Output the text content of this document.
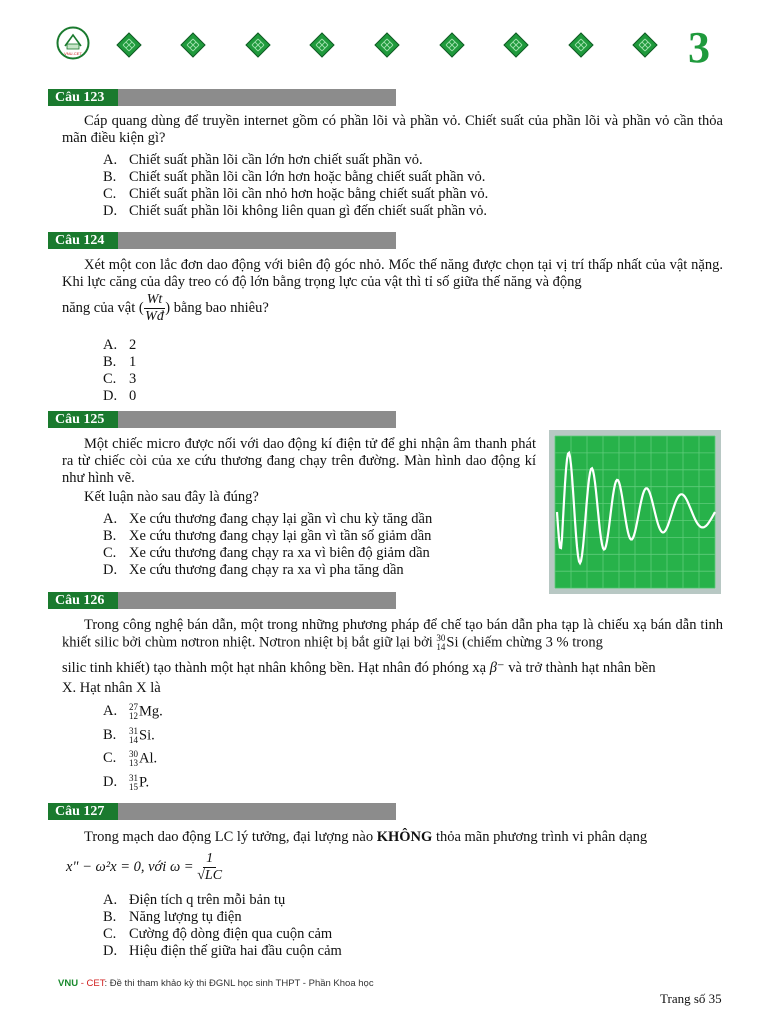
VNU-CET	3
Câu 123
Cáp quang dùng để truyền internet gồm có phần lõi và phần vỏ. Chiết suất của phần lõi và phần vỏ cần thỏa mãn điều kiện gì?
A. Chiết suất phần lõi cần lớn hơn chiết suất phần vỏ.
B. Chiết suất phần lõi cần lớn hơn hoặc bằng chiết suất phần vỏ.
C. Chiết suất phần lõi cần nhỏ hơn hoặc bằng chiết suất phần vỏ.
D. Chiết suất phần lõi không liên quan gì đến chiết suất phần vỏ.
Câu 124
Xét một con lắc đơn dao động với biên độ góc nhỏ. Mốc thế năng được chọn tại vị trí thấp nhất của vật nặng. Khi lực căng của dây treo có độ lớn bằng trọng lực của vật thì tỉ số giữa thế năng và động
năng của vật ( $\frac{Wt}{Wđ}$ ) bằng bao nhiêu?
A. 2
B. 1
C. 3
D. 0
Câu 125
Một chiếc micro được nối với dao động kí điện tử để ghi nhận âm thanh phát ra từ chiếc còi của xe cứu thương đang chạy trên đường. Màn hình dao động kí như hình vẽ.
Kết luận nào sau đây là đúng?
A. Xe cứu thương đang chạy lại gần vì chu kỳ tăng dần
B. Xe cứu thương đang chạy lại gần vì tần số giảm dần
C. Xe cứu thương đang chạy ra xa vì biên độ giảm dần
D. Xe cứu thương đang chạy ra xa vì pha tăng dần
Câu 126
Trong công nghệ bán dẫn, một trong những phương pháp để chế tạo bán dẫn pha tạp là chiếu xạ bán dẫn tinh khiết silic bởi chùm nơtron nhiệt. Nơtron nhiệt bị bắt giữ lại bởi 30
14 Si (chiếm chừng 3 % trong
silic tinh khiết) tạo thành một hạt nhân không bền. Hạt nhân đó phóng xạ β⁻ và trở thành hạt nhân bền
X. Hạt nhân X là
A. 27
12 Mg.
B. 31
14 Si.
C. 30
13 Al.
D. 31
15 P.
Câu 127
Trong mạch dao động LC lý tưởng, đại lượng nào KHÔNG thỏa mãn phương trình vi phân dạng
x" − ω²x = 0, với $\omega = \frac{1}{√LC}$
A. Điện tích q trên mỗi bản tụ
B. Năng lượng tụ điện
C. Cường độ dòng điện qua cuộn cảm
D. Hiệu điện thế giữa hai đầu cuộn cảm
VNU - CET: Đề thi tham khảo kỳ thi ĐGNL học sinh THPT - Phần Khoa học
Trang số 35
